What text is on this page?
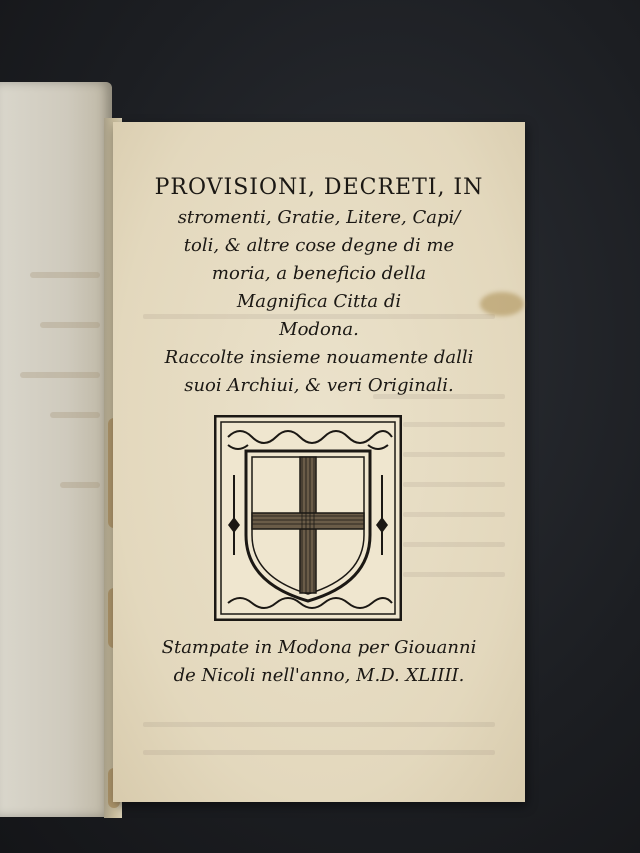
PROVISIONI, DECRETI, IN
stromenti, Gratie, Litere, Capi/
toli, & altre cose degne di me
moria, a beneficio della
Magnifica Citta di
Modona.
Raccolte insieme nouamente dalli
suoi Archiui, & veri Originali.
Stampate in Modona per Giouanni
de Nicoli nell'anno, M.D. XLIIII.
